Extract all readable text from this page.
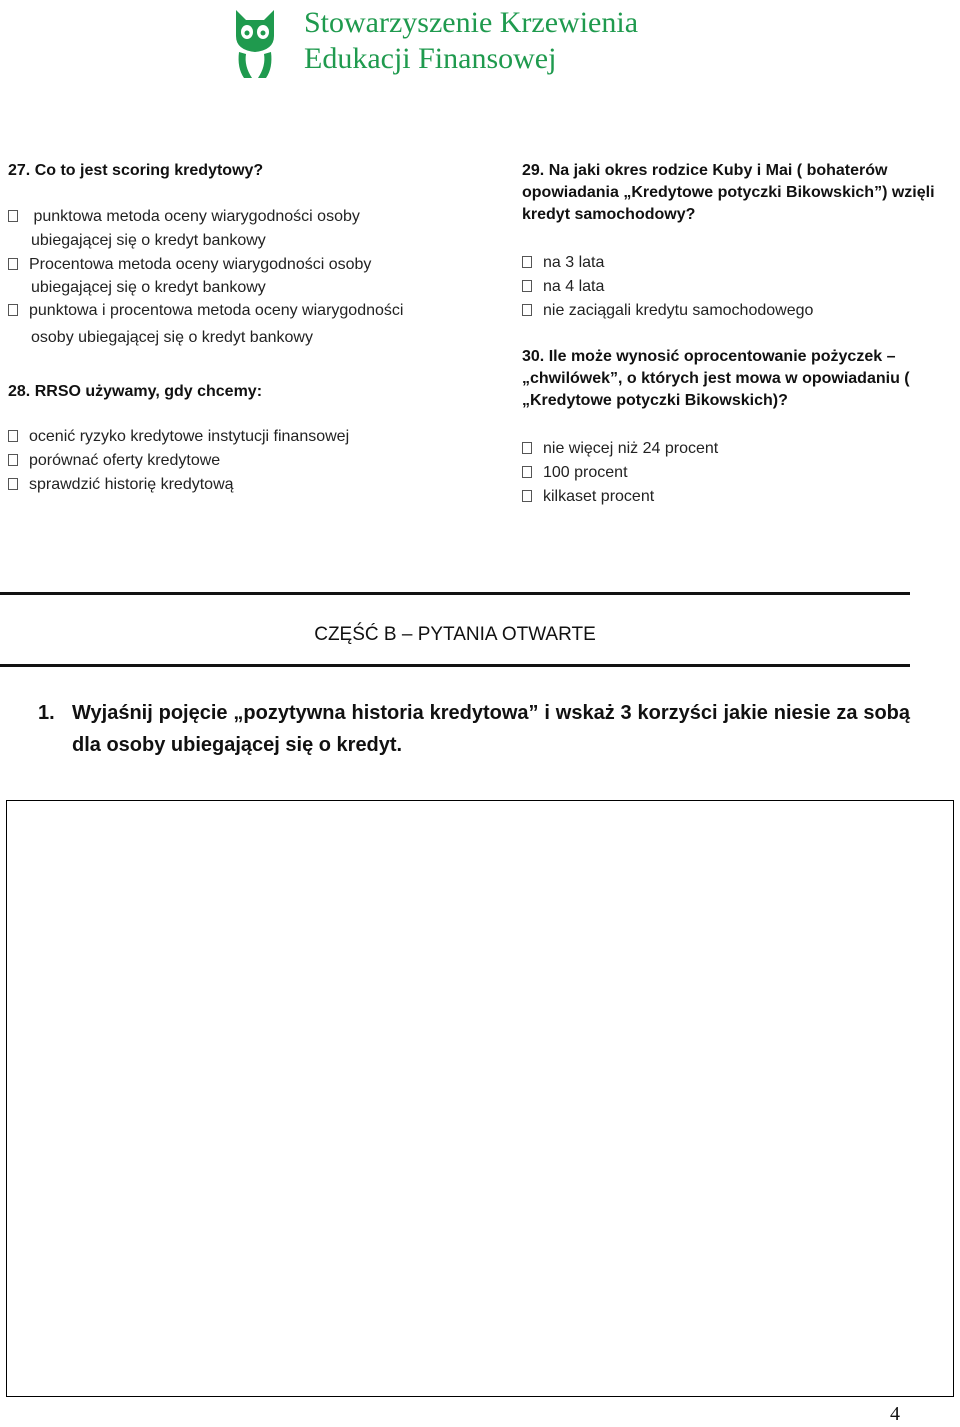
Stowarzyszenie Krzewienia
Edukacji Finansowej
27. Co to jest scoring kredytowy?
punktowa metoda oceny wiarygodności osoby
ubiegającej się o kredyt bankowy
Procentowa metoda oceny wiarygodności osoby
ubiegającej się o kredyt bankowy
punktowa i procentowa metoda oceny wiarygodności
osoby ubiegającej się o kredyt bankowy
28. RRSO używamy, gdy chcemy:
ocenić ryzyko kredytowe instytucji finansowej
porównać oferty kredytowe
sprawdzić historię kredytową
29. Na jaki okres rodzice Kuby i Mai ( bohaterów opowiadania „Kredytowe potyczki Bikowskich”) wzięli kredyt samochodowy?
na 3 lata
na 4 lata
nie zaciągali kredytu samochodowego
30. Ile może wynosić oprocentowanie pożyczek – „chwilówek”, o których jest mowa w opowiadaniu ( „Kredytowe potyczki Bikowskich)?
nie więcej niż 24 procent
100 procent
kilkaset procent
CZĘŚĆ B – PYTANIA OTWARTE
1. Wyjaśnij pojęcie „pozytywna historia kredytowa” i wskaż 3 korzyści jakie niesie za sobą dla osoby ubiegającej się o kredyt.
4
